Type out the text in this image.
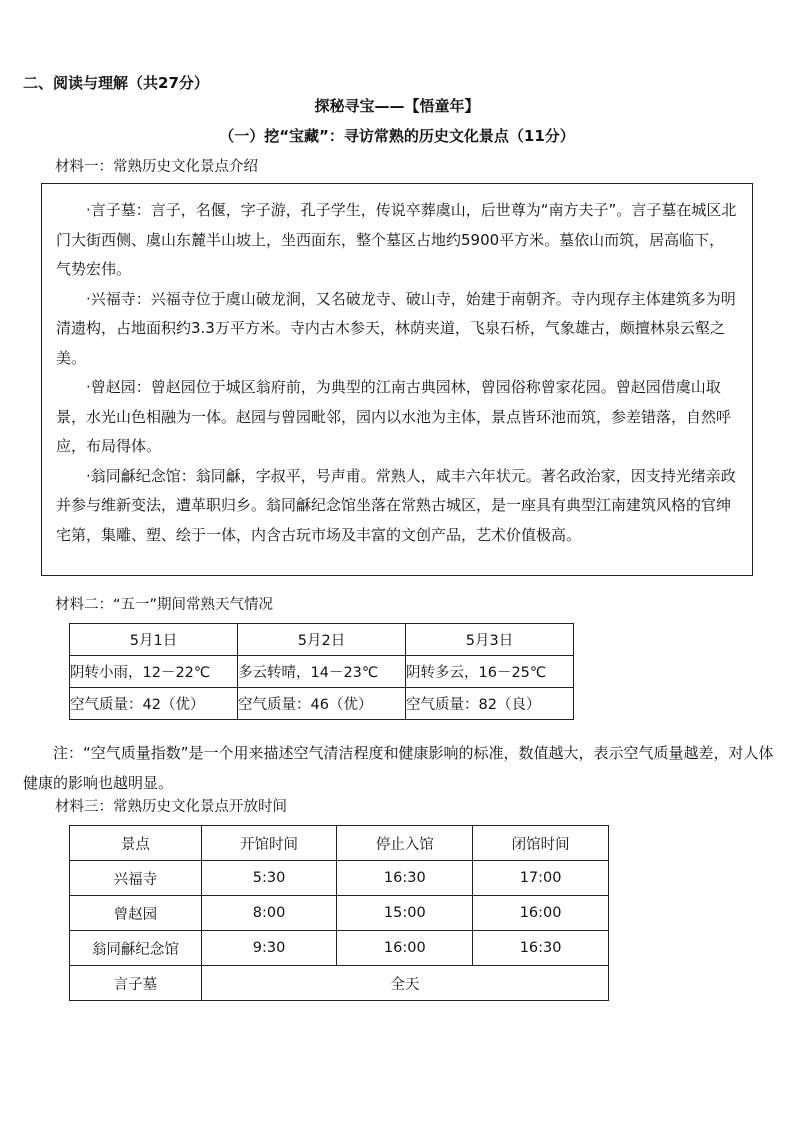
二、阅读与理解（共27分）
探秘寻宝——【悟童年】
（一）挖“宝藏”：寻访常熟的历史文化景点（11分）
材料一：常熟历史文化景点介绍

·言子墓：言子，名偃，字子游，孔子学生，传说卒葬虞山，后世尊为“南方夫子”。言子墓在城区北门大街西侧、虞山东麓半山坡上，坐西面东，整个墓区占地约5900平方米。墓依山而筑，居高临下，气势宏伟。

·兴福寺：兴福寺位于虞山破龙涧，又名破龙寺、破山寺，始建于南朝齐。寺内现存主体建筑多为明清遗构，占地面积约3.3万平方米。寺内古木参天，林荫夹道，飞泉石桥，气象雄古，颇擅林泉云壑之美。

·曾赵园：曾赵园位于城区翁府前，为典型的江南古典园林，曾园俗称曾家花园。曾赵园借虞山取景，水光山色相融为一体。赵园与曾园毗邻，园内以水池为主体，景点皆环池而筑，参差错落，自然呼应，布局得体。

·翁同龢纪念馆：翁同龢，字叔平，号声甫。常熟人，咸丰六年状元。著名政治家，因支持光绪亲政并参与维新变法，遭革职归乡。翁同龢纪念馆坐落在常熟古城区，是一座具有典型江南建筑风格的官绅宅第，集雕、塑、绘于一体，内含古玩市场及丰富的文创产品，艺术价值极高。

材料二：“五一”期间常熟天气情况
5月1日	5月2日	5月3日
阴转小雨，12－22℃	多云转晴，14－23℃	阴转多云，16－25℃
空气质量：42（优）	空气质量：46（优）	空气质量：82（良）
注：“空气质量指数”是一个用来描述空气清洁程度和健康影响的标准，数值越大，表示空气质量越差，对人体健康的影响也越明显。
材料三：常熟历史文化景点开放时间
景点	开馆时间	停止入馆	闭馆时间
兴福寺	5:30	16:30	17:00
曾赵园	8:00	15:00	16:00
翁同龢纪念馆	9:30	16:00	16:30
言子墓	全天		
